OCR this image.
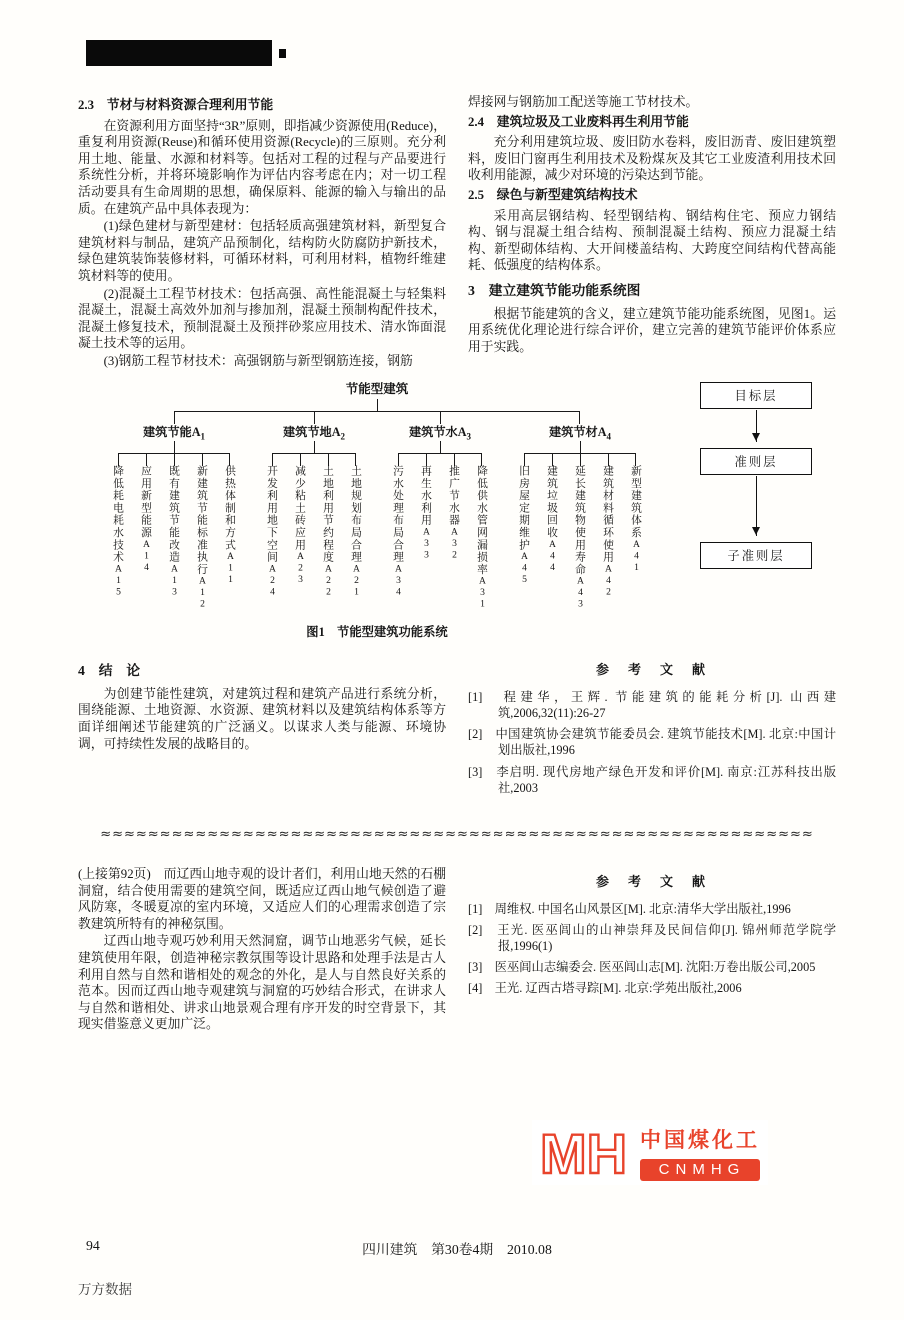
2.3　节材与材料资源合理利用节能

在资源利用方面坚持“3R”原则，即指减少资源使用(Reduce)，重复利用资源(Reuse)和循环使用资源(Recycle)的三原则。充分利用土地、能量、水源和材料等。包括对工程的过程与产品要进行系统性分析，并将环境影响作为评估内容考虑在内；对一切工程活动要具有生命周期的思想，确保原料、能源的输入与输出的品质。在建筑产品中具体表现为：

(1)绿色建材与新型建材：包括轻质高强建筑材料，新型复合建筑材料与制品，建筑产品预制化，结构防火防腐防护新技术，绿色建筑装饰装修材料，可循环材料，可利用材料，植物纤维建筑材料等的使用。

(2)混凝土工程节材技术：包括高强、高性能混凝土与轻集料混凝土，混凝土高效外加剂与掺加剂，混凝土预制构配件技术，混凝土修复技术，预制混凝土及预拌砂浆应用技术、清水饰面混凝土技术等的运用。

(3)钢筋工程节材技术：高强钢筋与新型钢筋连接，钢筋

焊接网与钢筋加工配送等施工节材技术。

2.4　建筑垃圾及工业废料再生利用节能

充分利用建筑垃圾、废旧防水卷料，废旧沥青、废旧建筑塑料，废旧门窗再生利用技术及粉煤灰及其它工业废渣利用技术回收利用能源，减少对环境的污染达到节能。

2.5　绿色与新型建筑结构技术

采用高层钢结构、轻型钢结构、钢结构住宅、预应力钢结构、钢与混凝土组合结构、预制混凝土结构、预应力混凝土结构、新型砌体结构、大开间楼盖结构、大跨度空间结构代替高能耗、低强度的结构体系。

3　建立建筑节能功能系统图

根据节能建筑的含义，建立建筑节能功能系统图，见图1。运用系统优化理论进行综合评价，建立完善的建筑节能评价体系应用于实践。

节能型建筑
建筑节能$A_1$
降低耗电耗水技术A15
应用新型能源A14 既有建筑节能改造A13
新建筑节能标准执行A12
供热体制和方式A11
建筑节地$A_2$
开发利用地下空间A24
减少粘土砖应用A23
土地利用节约程度A22
土地规划布局合理A21
建筑节水$A_3$
污水处理布局合理A34
再生水利用A33
推广节水器A32 降低供水管网漏损率A31
建筑节材$A_4$
旧房屋定期维护A45
建筑垃圾回收A44 延长建筑物使用寿命A43
建筑材料循环使用A42
新型建筑体系A41
图1　节能型建筑功能系统
目标层
准则层
子准则层
4　结　论

为创建节能性建筑，对建筑过程和建筑产品进行系统分析，围绕能源、土地资源、水资源、建筑材料以及建筑结构体系等方面详细阐述节能建筑的广泛涵义。以谋求人类与能源、环境协调，可持续性发展的战略目的。

参　考　文　献
[1]　程建华，王辉. 节能建筑的能耗分析[J]. 山西建筑,2006,32(11):26-27
[2]　中国建筑协会建筑节能委员会. 建筑节能技术[M]. 北京:中国计划出版社,1996
[3]　李启明. 现代房地产绿色开发和评价[M]. 南京:江苏科技出版社,2003
≈≈≈≈≈≈≈≈≈≈≈≈≈≈≈≈≈≈≈≈≈≈≈≈≈≈≈≈≈≈≈≈≈≈≈≈≈≈≈≈≈≈≈≈≈≈≈≈≈≈≈≈≈≈≈≈≈≈≈≈

(上接第92页)　而辽西山地寺观的设计者们，利用山地天然的石棚洞窟，结合使用需要的建筑空间，既适应辽西山地气候创造了避风防寒，冬暖夏凉的室内环境，又适应人们的心理需求创造了宗教建筑所特有的神秘氛围。

辽西山地寺观巧妙利用天然洞窟，调节山地恶劣气候，延长建筑使用年限，创造神秘宗教氛围等设计思路和处理手法是古人利用自然与自然和谐相处的观念的外化，是人与自然良好关系的范本。因而辽西山地寺观建筑与洞窟的巧妙结合形式，在讲求人与自然和谐相处、讲求山地景观合理有序开发的时空背景下，其现实借鉴意义更加广泛。

参　考　文　献
[1]　周维权. 中国名山风景区[M]. 北京:清华大学出版社,1996
[2]　王光. 医巫闾山的山神崇拜及民间信仰[J]. 锦州师范学院学报,1996(1)
[3]　医巫闾山志编委会. 医巫闾山志[M]. 沈阳:万卷出版公司,2005
[4]　王光. 辽西古塔寻踪[M]. 北京:学苑出版社,2006
MH 中国煤化工
CNMHG
94	四川建筑　第30卷4期　2010.08
万方数据
